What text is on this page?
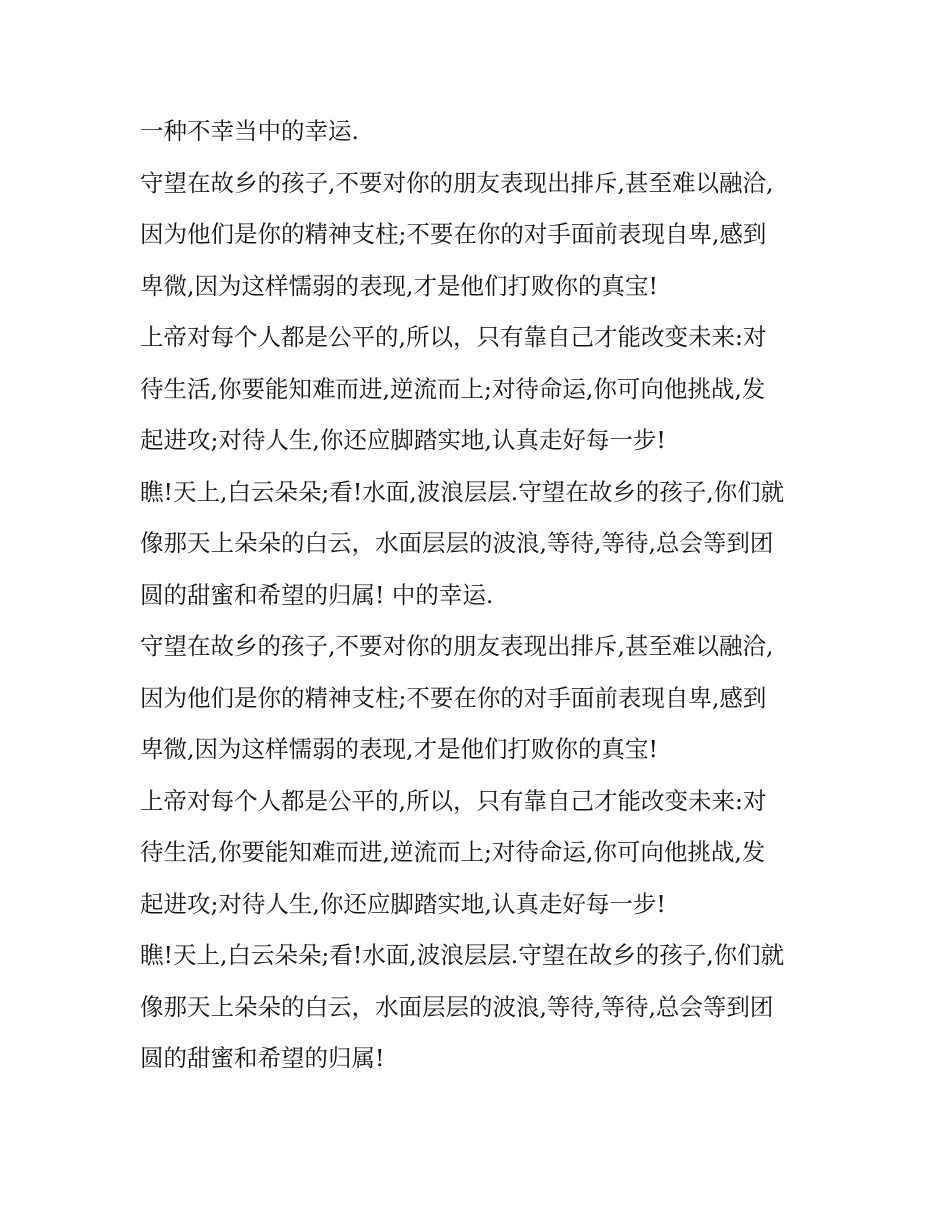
一种不幸当中的幸运.
守望在故乡的孩子,不要对你的朋友表现出排斥,甚至难以融洽,
因为他们是你的精神支柱;不要在你的对手面前表现自卑,感到
卑微,因为这样懦弱的表现,才是他们打败你的真宝!
上帝对每个人都是公平的,所以，只有靠自己才能改变未来:对
待生活,你要能知难而进,逆流而上;对待命运,你可向他挑战,发
起进攻;对待人生,你还应脚踏实地,认真走好每一步!
瞧!天上,白云朵朵;看!水面,波浪层层.守望在故乡的孩子,你们就
像那天上朵朵的白云，水面层层的波浪,等待,等待,总会等到团
圆的甜蜜和希望的归属! 中的幸运.
守望在故乡的孩子,不要对你的朋友表现出排斥,甚至难以融洽,
因为他们是你的精神支柱;不要在你的对手面前表现自卑,感到
卑微,因为这样懦弱的表现,才是他们打败你的真宝!
上帝对每个人都是公平的,所以，只有靠自己才能改变未来:对
待生活,你要能知难而进,逆流而上;对待命运,你可向他挑战,发
起进攻;对待人生,你还应脚踏实地,认真走好每一步!
瞧!天上,白云朵朵;看!水面,波浪层层.守望在故乡的孩子,你们就
像那天上朵朵的白云，水面层层的波浪,等待,等待,总会等到团
圆的甜蜜和希望的归属!
